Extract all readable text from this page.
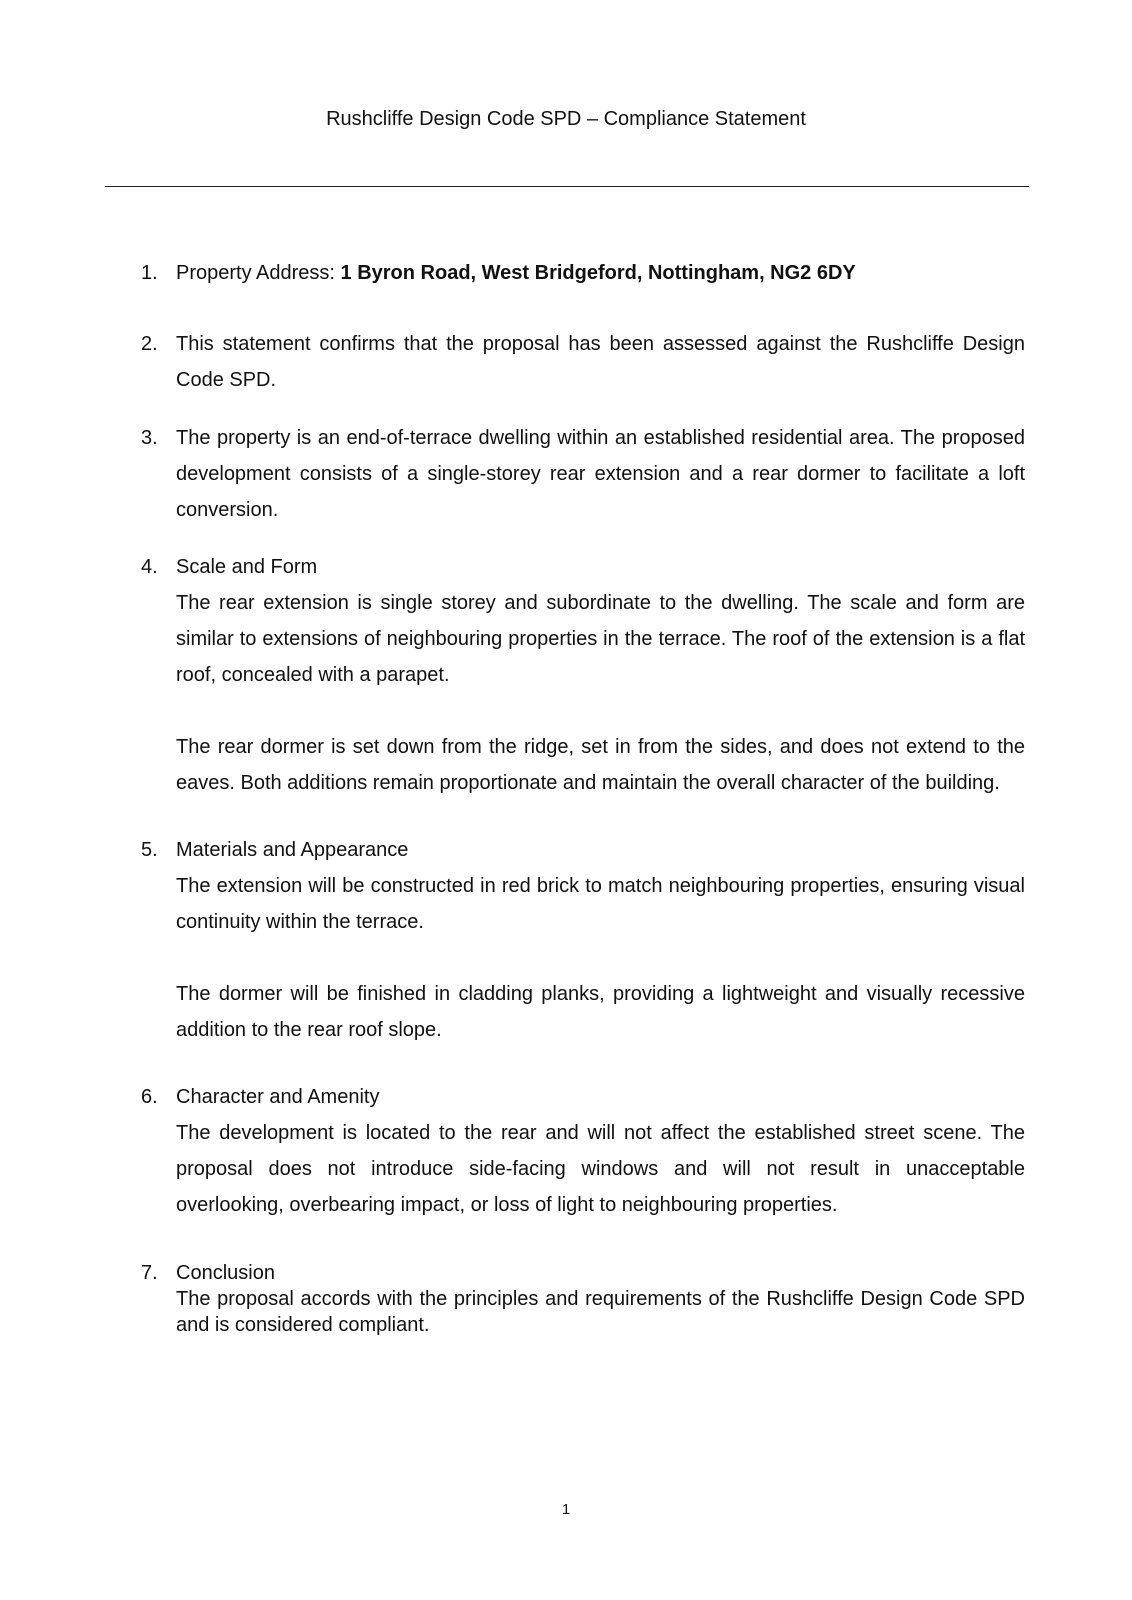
Rushcliffe Design Code SPD – Compliance Statement
1. Property Address: 1 Byron Road, West Bridgeford, Nottingham, NG2 6DY

2. This statement confirms that the proposal has been assessed against the Rushcliffe Design Code SPD.

3. The property is an end-of-terrace dwelling within an established residential area. The proposed development consists of a single-storey rear extension and a rear dormer to facilitate a loft conversion.

4. Scale and Form

The rear extension is single storey and subordinate to the dwelling. The scale and form are similar to extensions of neighbouring properties in the terrace. The roof of the extension is a flat roof, concealed with a parapet.

The rear dormer is set down from the ridge, set in from the sides, and does not extend to the eaves. Both additions remain proportionate and maintain the overall character of the building.

5. Materials and Appearance

The extension will be constructed in red brick to match neighbouring properties, ensuring visual continuity within the terrace.

The dormer will be finished in cladding planks, providing a lightweight and visually recessive addition to the rear roof slope.

6. Character and Amenity

The development is located to the rear and will not affect the established street scene. The proposal does not introduce side-facing windows and will not result in unacceptable overlooking, overbearing impact, or loss of light to neighbouring properties.

7. Conclusion

The proposal accords with the principles and requirements of the Rushcliffe Design Code SPD and is considered compliant.

1
